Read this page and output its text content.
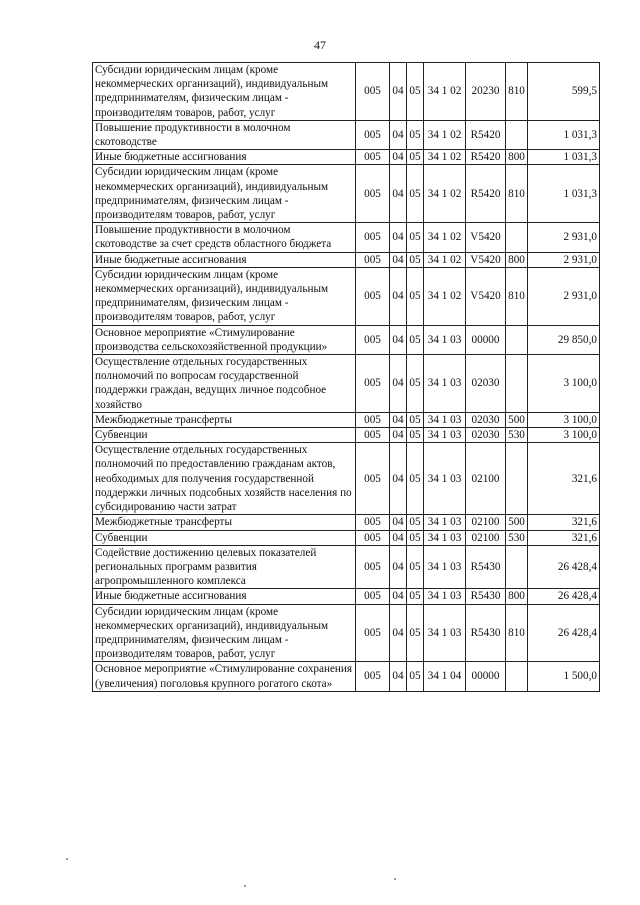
47
Субсидии юридическим лицам (кроме некоммерческих организаций), индивидуальным предпринимателям, физическим лицам - производителям товаров, работ, услуг	005	04	05	34 1 02	20230	810	599,5
Повышение продуктивности в молочном скотоводстве	005	04	05	34 1 02	R5420		1 031,3
Иные бюджетные ассигнования	005	04	05	34 1 02	R5420	800	1 031,3
Субсидии юридическим лицам (кроме некоммерческих организаций), индивидуальным предпринимателям, физическим лицам - производителям товаров, работ, услуг	005	04	05	34 1 02	R5420	810	1 031,3
Повышение продуктивности в молочном скотоводстве за счет средств областного бюджета	005	04	05	34 1 02	V5420		2 931,0
Иные бюджетные ассигнования	005	04	05	34 1 02	V5420	800	2 931,0
Субсидии юридическим лицам (кроме некоммерческих организаций), индивидуальным предпринимателям, физическим лицам - производителям товаров, работ, услуг	005	04	05	34 1 02	V5420	810	2 931,0
Основное мероприятие «Стимулирование производства сельскохозяйственной продукции»	005	04	05	34 1 03	00000		29 850,0
Осуществление отдельных государственных полномочий по вопросам государственной поддержки граждан, ведущих личное подсобное хозяйство	005	04	05	34 1 03	02030		3 100,0
Межбюджетные трансферты	005	04	05	34 1 03	02030	500	3 100,0
Субвенции	005	04	05	34 1 03	02030	530	3 100,0
Осуществление отдельных государственных полномочий по предоставлению гражданам актов, необходимых для получения государственной поддержки личных подсобных хозяйств населения по субсидированию части затрат	005	04	05	34 1 03	02100		321,6
Межбюджетные трансферты	005	04	05	34 1 03	02100	500	321,6
Субвенции	005	04	05	34 1 03	02100	530	321,6
Содействие достижению целевых показателей региональных программ развития агропромышленного комплекса	005	04	05	34 1 03	R5430		26 428,4
Иные бюджетные ассигнования	005	04	05	34 1 03	R5430	800	26 428,4
Субсидии юридическим лицам (кроме некоммерческих организаций), индивидуальным предпринимателям, физическим лицам - производителям товаров, работ, услуг	005	04	05	34 1 03	R5430	810	26 428,4
Основное мероприятие «Стимулирование сохранения (увеличения) поголовья крупного рогатого скота»	005	04	05	34 1 04	00000		1 500,0
